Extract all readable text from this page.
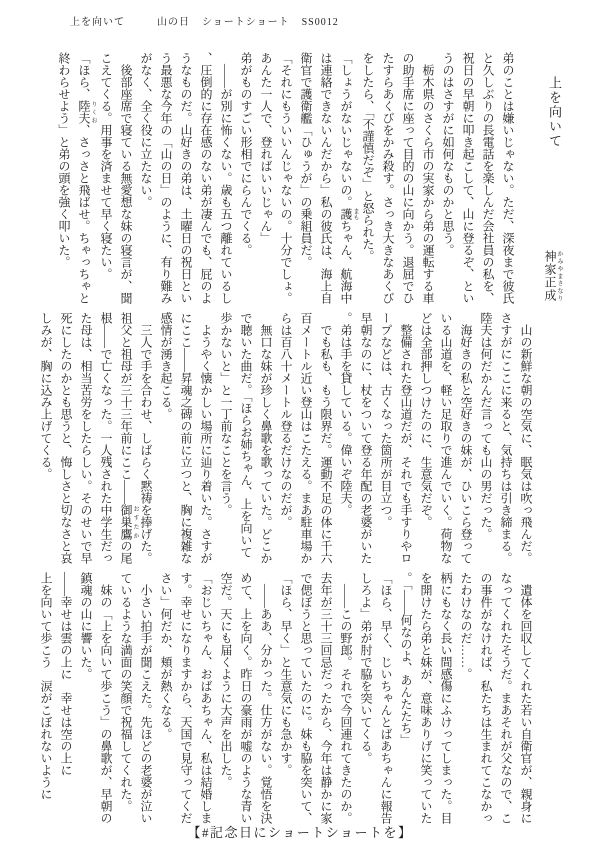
上を向いて	山の日 ショートショート SS0012
上を向いて
神家正成 かみやまさなり

弟のことは嫌いじゃない。ただ、深夜まで彼氏と久しぶりの長電話を楽しんだ会社員の私を、祝日の早朝に叩き起こして、山に登るぞ、というのはさすがに如何なものかと思う。

栃木県のさくら市の実家から弟の運転する車の助手席に座って目的の山に向かう。退屈でひたすらあくびをかみ殺す。さっき大きなあくびをしたら、「不謹慎だぞ」と怒られた。

「しょうがないじゃないの。護 まもちゃん、航海中は連絡できないんだから」私の彼氏は、海上自衛官で護衛艦「ひゅうが」の乗組員だ。

「それにもういいんじゃないの。十分でしょ。あんた一人で、登ればいいじゃん」

弟がものすごい形相でにらんでくる。

――が別に怖くない。歳も五つ離れているし、圧倒的に存在感のない弟が凄んでも、屁のようなものだ。山好きの弟は、土曜日の祝日という最悪な今年の「山の日」のように、有り難みがなく、全く役に立たない。

後部座席で寝ている無愛想な妹の寝言が、聞こえてくる。用事を済ませて早く寝たい。

「ほら、陸夫 りくお、さっさと飛ばせ。ちゃっちゃと終わらせよう」と弟の頭を強く叩いた。

山の新鮮な朝の空気に、眠気は吹っ飛んだ。さすがにここに来ると、気持ちは引き締まる。陸夫は何だかんだ言っても山の男だった。

海好きの私と空好きの妹が、ひいこら登っている山道を、軽い足取りで進んでいく。荷物などは全部押しつけたのに、生意気だぞ。

整備された登山道だが、それでも手すりやロープなどは、古くなった箇所が目立つ。

早朝なのに、杖をついて登る年配の老婆がいた。弟は手を貸している。偉いぞ陸夫。

でも私も、もう限界だ。運動不足の体に千六百メートル近い登山はこたえる。まあ駐車場からは百八十メートル登るだけなのだが。

無口な妹が珍しく鼻歌を歌っていた。どこかで聴いた曲だ。「ほらお姉ちゃん、上を向いて歩かないと」と一丁前なことを言う。

ようやく懐かしい場所に辿り着いた。さすがにここ――昇魂之碑の前に立つと、胸に複雑な感情が湧き起こる。

三人で手を合わせ、しばらく黙祷を捧げた。祖父と祖母が三十三年前にここ――御巣鷹 おすたかの尾根――で亡くなった。一人残された中学生だった母は、相当苦労をしたらしい。そのせいで早死にしたのかとも思うと、悔しさと切なさと哀しみが、胸に込み上げてくる。

遺体を回収してくれた若い自衛官が、親身になってくれたそうだ。まあそれが父なので、この事件がなければ、私たちは生まれてこなかったわけなのだ……。

柄にもなく長い間感傷にふけってしまった。目を開けたら弟と妹が、意味ありげに笑っていた。「――何なのよ、あんたたち」

「ほら、早く、じいちゃんとばあちゃんに報告しろよ」弟が肘で脇を突いてくる。

――この野郎。それで今回連れてきたのか。去年が三十三回忌だったから、今年は静かに家で偲ぼうと思っていたのに。妹も脇を突いて、「ほら、早く」と生意気にも急かす。

――ああ、分かった。仕方がない。覚悟を決めて、上を向く。昨日の豪雨が嘘のような青い空だ。天にも届くように大声を出した。

「おじいちゃん、おばあちゃん、私は結婚します。幸せになりますから、天国で見守ってください」何だか、頬が熱くなる。

小さい拍手が聞こえた。先ほどの老婆が泣いているような満面の笑顔で祝福してくれた。

妹の「上を向いて歩こう」の鼻歌が、早朝の鎮魂の山に響いた。

――幸せは雲の上に　幸せは空の上に

上を向いて歩こう　涙がこぼれないように

【#記念日にショートショートを】
